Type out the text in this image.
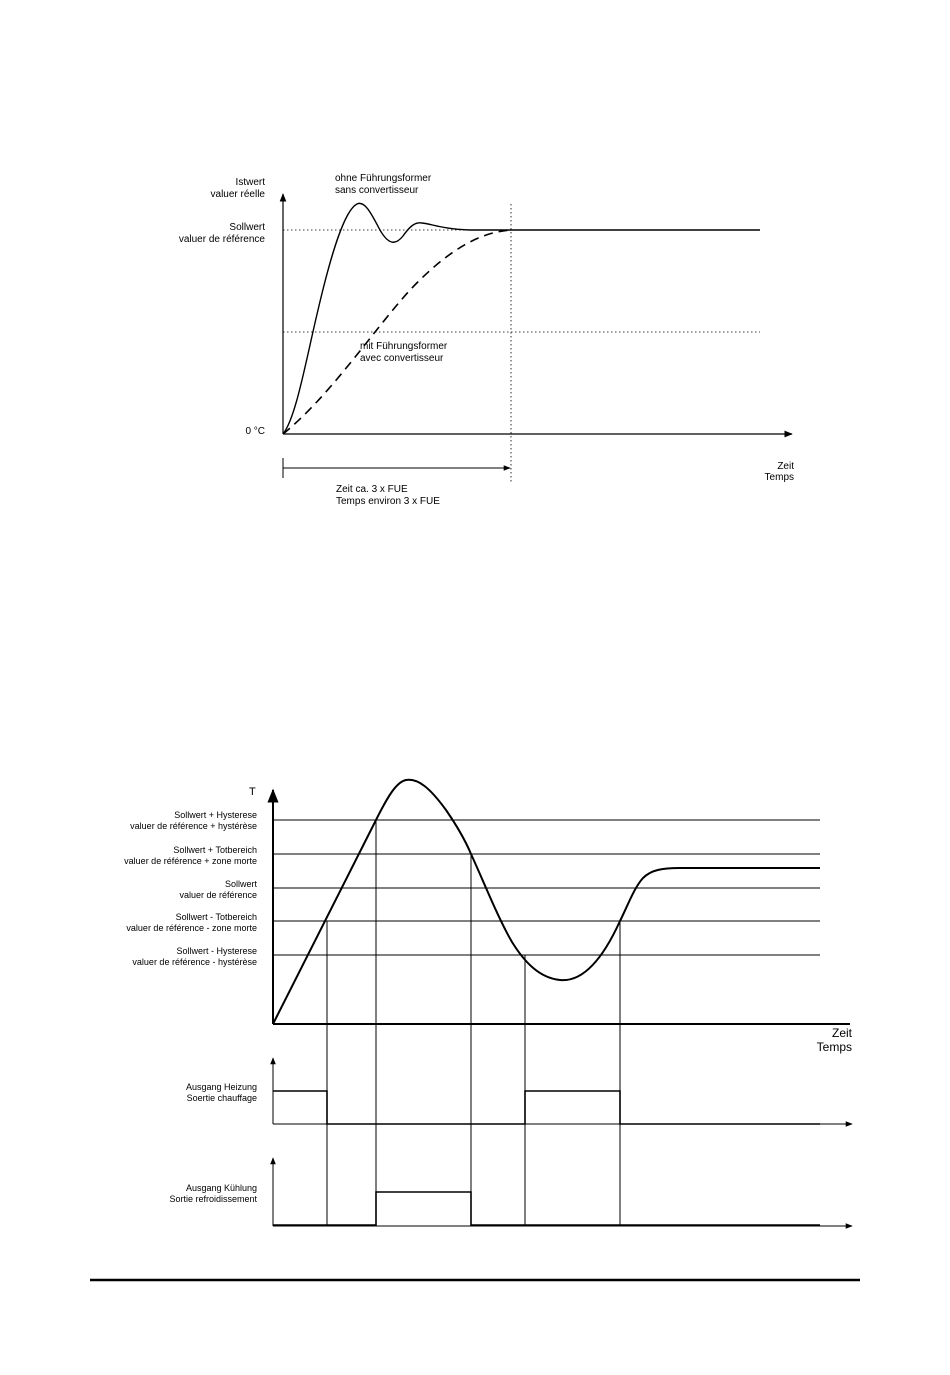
Istwert
valuer réelle
Sollwert
valuer de référence
0 °C
ohne Führungsformer
sans convertisseur
mit Führungsformer
avec convertisseur
Zeit
Temps
Zeit ca. 3 x FUE
Temps environ 3 x FUE
T
Sollwert + Hysterese
valuer de référence + hystérèse
Sollwert + Totbereich
valuer de référence + zone morte
Sollwert
valuer de référence
Sollwert - Totbereich
valuer de référence - zone morte
Sollwert - Hysterese
valuer de référence - hystérèse
Zeit
Temps
Ausgang Heizung
Soertie chauffage
Ausgang Kühlung
Sortie refroidissement
